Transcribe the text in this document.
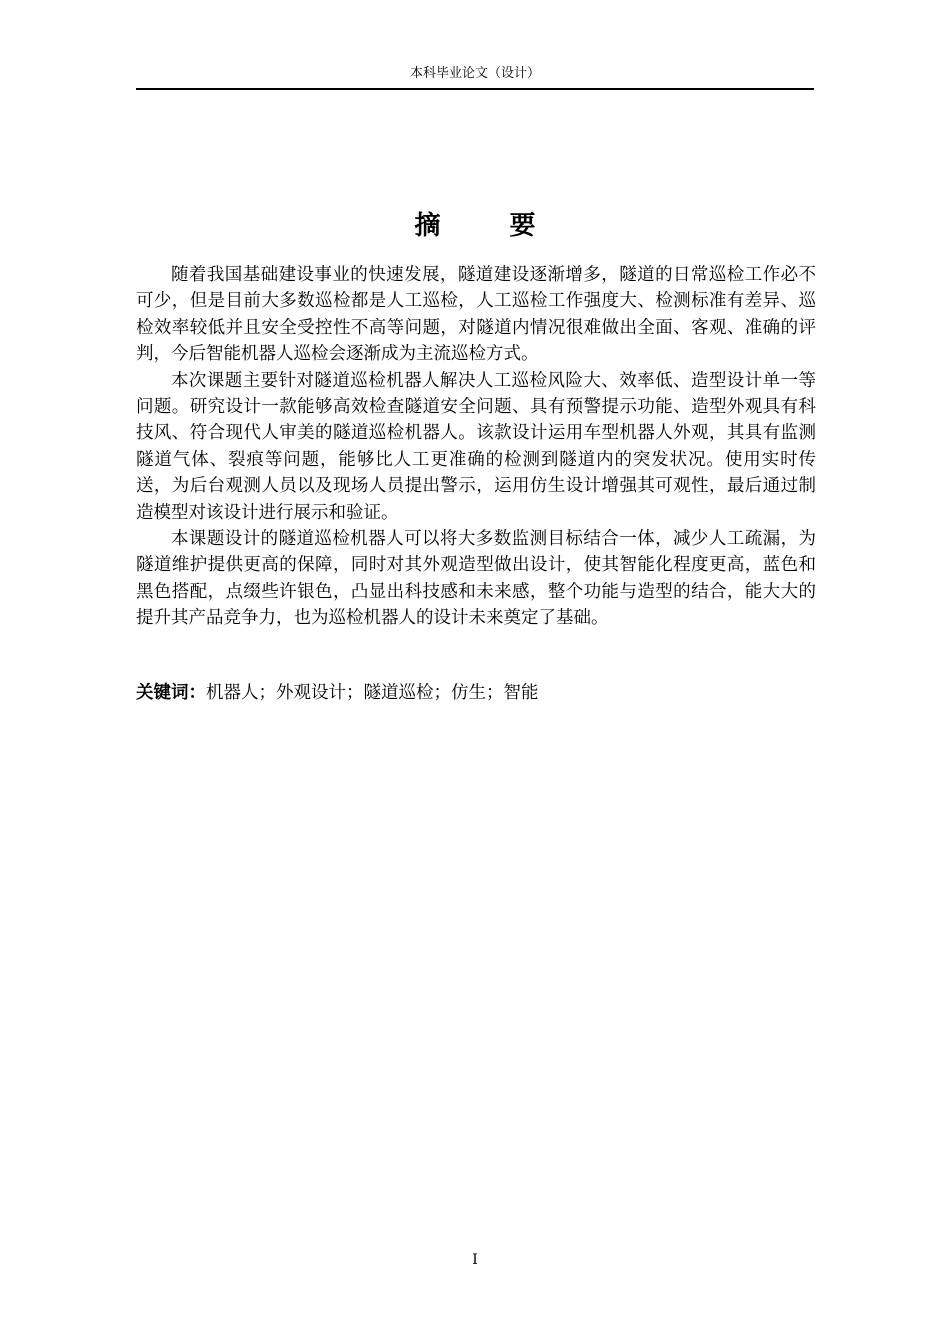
本科毕业论文（设计）
摘 要

随着我国基础建设事业的快速发展，隧道建设逐渐增多，隧道的日常巡检工作必不可少，但是目前大多数巡检都是人工巡检，人工巡检工作强度大、检测标准有差异、巡检效率较低并且安全受控性不高等问题，对隧道内情况很难做出全面、客观、准确的评判，今后智能机器人巡检会逐渐成为主流巡检方式。

本次课题主要针对隧道巡检机器人解决人工巡检风险大、效率低、造型设计单一等问题。研究设计一款能够高效检查隧道安全问题、具有预警提示功能、造型外观具有科技风、符合现代人审美的隧道巡检机器人。该款设计运用车型机器人外观，其具有监测隧道气体、裂痕等问题，能够比人工更准确的检测到隧道内的突发状况。使用实时传送，为后台观测人员以及现场人员提出警示，运用仿生设计增强其可观性，最后通过制造模型对该设计进行展示和验证。

本课题设计的隧道巡检机器人可以将大多数监测目标结合一体，减少人工疏漏，为隧道维护提供更高的保障，同时对其外观造型做出设计，使其智能化程度更高，蓝色和黑色搭配，点缀些许银色，凸显出科技感和未来感，整个功能与造型的结合，能大大的提升其产品竞争力，也为巡检机器人的设计未来奠定了基础。

关键词：机器人；外观设计；隧道巡检；仿生；智能
I
